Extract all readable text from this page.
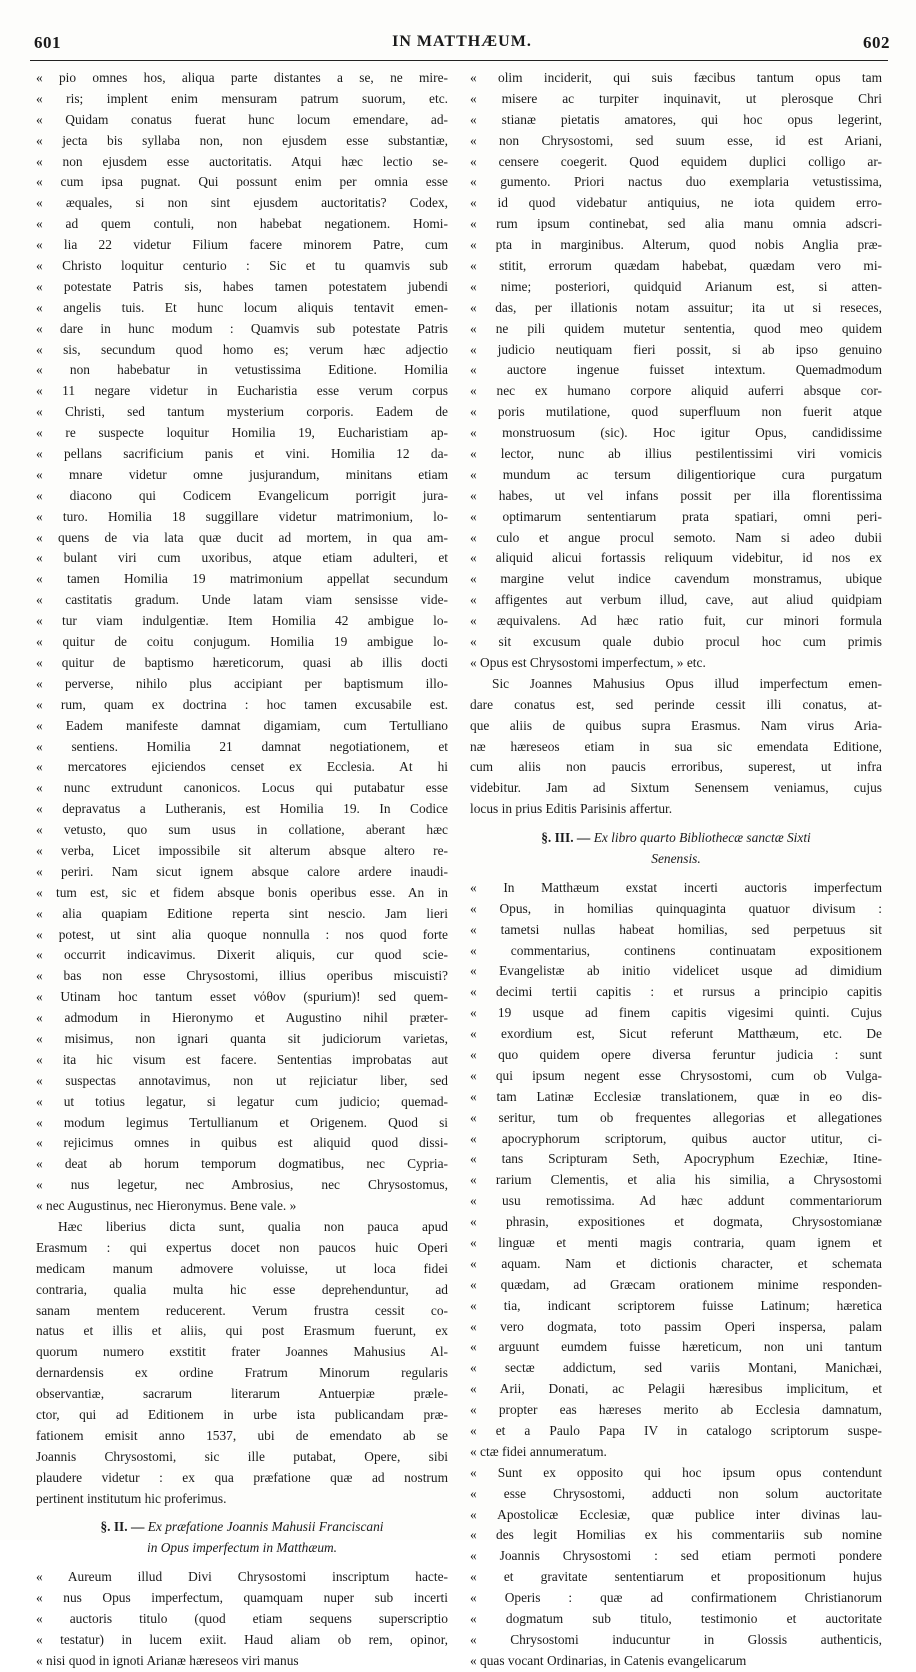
601	IN MATTHÆUM.	602
« pio omnes hos, aliqua parte distantes a se, ne mire-
« ris; implent enim mensuram patrum suorum, etc.
« Quidam conatus fuerat hunc locum emendare, ad-
« jecta bis syllaba non, non ejusdem esse substantiæ,
« non ejusdem esse auctoritatis. Atqui hæc lectio se-
« cum ipsa pugnat. Qui possunt enim per omnia esse
« æquales, si non sint ejusdem auctoritatis? Codex,
« ad quem contuli, non habebat negationem. Homi-
« lia 22 videtur Filium facere minorem Patre, cum
« Christo loquitur centurio : Sic et tu quamvis sub
« potestate Patris sis, habes tamen potestatem jubendi
« angelis tuis. Et hunc locum aliquis tentavit emen-
« dare in hunc modum : Quamvis sub potestate Patris
« sis, secundum quod homo es; verum hæc adjectio
« non habebatur in vetustissima Editione. Homilia
« 11 negare videtur in Eucharistia esse verum corpus
« Christi, sed tantum mysterium corporis. Eadem de
« re suspecte loquitur Homilia 19, Eucharistiam ap-
« pellans sacrificium panis et vini. Homilia 12 da-
« mnare videtur omne jusjurandum, minitans etiam
« diacono qui Codicem Evangelicum porrigit jura-
« turo. Homilia 18 suggillare videtur matrimonium, lo-
« quens de via lata quæ ducit ad mortem, in qua am-
« bulant viri cum uxoribus, atque etiam adulteri, et
« tamen Homilia 19 matrimonium appellat secundum
« castitatis gradum. Unde latam viam sensisse vide-
« tur viam indulgentiæ. Item Homilia 42 ambigue lo-
« quitur de coitu conjugum. Homilia 19 ambigue lo-
« quitur de baptismo hæreticorum, quasi ab illis docti
« perverse, nihilo plus accipiant per baptismum illo-
« rum, quam ex doctrina : hoc tamen excusabile est.
« Eadem manifeste damnat digamiam, cum Tertulliano
« sentiens. Homilia 21 damnat negotiationem, et
« mercatores ejiciendos censet ex Ecclesia. At hi
« nunc extrudunt canonicos. Locus qui putabatur esse
« depravatus a Lutheranis, est Homilia 19. In Codice
« vetusto, quo sum usus in collatione, aberant hæc
« verba, Licet impossibile sit alterum absque altero re-
« periri. Nam sicut ignem absque calore ardere inaudi-
« tum est, sic et fidem absque bonis operibus esse. An in
« alia quapiam Editione reperta sint nescio. Jam lieri
« potest, ut sint alia quoque nonnulla : nos quod forte
« occurrit indicavimus. Dixerit aliquis, cur quod scie-
« bas non esse Chrysostomi, illius operibus miscuisti?
« Utinam hoc tantum esset νόθον (spurium)! sed quem-
« admodum in Hieronymo et Augustino nihil præter-
« misimus, non ignari quanta sit judiciorum varietas,
« ita hic visum est facere. Sententias improbatas aut
« suspectas annotavimus, non ut rejiciatur liber, sed
« ut totius legatur, si legatur cum judicio; quemad-
« modum legimus Tertullianum et Origenem. Quod si
« rejicimus omnes in quibus est aliquid quod dissi-
« deat ab horum temporum dogmatibus, nec Cypria-
« nus legetur, nec Ambrosius, nec Chrysostomus,
« nec Augustinus, nec Hieronymus. Bene vale. »
Hæc liberius dicta sunt, qualia non pauca apud
Erasmum : qui expertus docet non paucos huic Operi
medicam manum admovere voluisse, ut loca fidei
contraria, qualia multa hic esse deprehenduntur, ad
sanam mentem reducerent. Verum frustra cessit co-
natus et illis et aliis, qui post Erasmum fuerunt, ex
quorum numero exstitit frater Joannes Mahusius Al-
dernardensis ex ordine Fratrum Minorum regularis
observantiæ, sacrarum literarum Antuerpiæ præle-
ctor, qui ad Editionem in urbe ista publicandam præ-
fationem emisit anno 1537, ubi de emendato ab se
Joannis Chrysostomi, sic ille putabat, Opere, sibi
plaudere videtur : ex qua præfatione quæ ad nostrum
pertinent institutum hic proferimus.
§. II. — Ex præfatione Joannis Mahusii Franciscani
in Opus imperfectum in Matthæum.
« Aureum illud Divi Chrysostomi inscriptum hacte-
« nus Opus imperfectum, quamquam nuper sub incerti
« auctoris titulo (quod etiam sequens superscriptio
« testatur) in lucem exiit. Haud aliam ob rem, opinor,
« nisi quod in ignoti Arianæ hæreseos viri manus
« olim inciderit, qui suis fæcibus tantum opus tam
« misere ac turpiter inquinavit, ut plerosque Chri
« stianæ pietatis amatores, qui hoc opus legerint,
« non Chrysostomi, sed suum esse, id est Ariani,
« censere coegerit. Quod equidem duplici colligo ar-
« gumento. Priori nactus duo exemplaria vetustissima,
« id quod videbatur antiquius, ne iota quidem erro-
« rum ipsum continebat, sed alia manu omnia adscri-
« pta in marginibus. Alterum, quod nobis Anglia præ-
« stitit, errorum quædam habebat, quædam vero mi-
« nime; posteriori, quidquid Arianum est, si atten-
« das, per illationis notam assuitur; ita ut si reseces,
« ne pili quidem mutetur sententia, quod meo quidem
« judicio neutiquam fieri possit, si ab ipso genuino
« auctore ingenue fuisset intextum. Quemadmodum
« nec ex humano corpore aliquid auferri absque cor-
« poris mutilatione, quod superfluum non fuerit atque
« monstruosum (sic). Hoc igitur Opus, candidissime
« lector, nunc ab illius pestilentissimi viri vomicis
« mundum ac tersum diligentiorique cura purgatum
« habes, ut vel infans possit per illa florentissima
« optimarum sententiarum prata spatiari, omni peri-
« culo et angue procul semoto. Nam si adeo dubii
« aliquid alicui fortassis reliquum videbitur, id nos ex
« margine velut indice cavendum monstramus, ubique
« affigentes aut verbum illud, cave, aut aliud quidpiam
« æquivalens. Ad hæc ratio fuit, cur minori formula
« sit excusum quale dubio procul hoc cum primis
« Opus est Chrysostomi imperfectum, » etc.
Sic Joannes Mahusius Opus illud imperfectum emen-
dare conatus est, sed perinde cessit illi conatus, at-
que aliis de quibus supra Erasmus. Nam virus Aria-
næ hæreseos etiam in sua sic emendata Editione,
cum aliis non paucis erroribus, superest, ut infra
videbitur. Jam ad Sixtum Senensem veniamus, cujus
locus in prius Editis Parisinis affertur.
§. III. — Ex libro quarto Bibliothecæ sanctæ Sixti
Senensis.
« In Matthæum exstat incerti auctoris imperfectum
« Opus, in homilias quinquaginta quatuor divisum :
« tametsi nullas habeat homilias, sed perpetuus sit
« commentarius, continens continuatam expositionem
« Evangelistæ ab initio videlicet usque ad dimidium
« decimi tertii capitis : et rursus a principio capitis
« 19 usque ad finem capitis vigesimi quinti. Cujus
« exordium est, Sicut referunt Matthæum, etc. De
« quo quidem opere diversa feruntur judicia : sunt
« qui ipsum negent esse Chrysostomi, cum ob Vulga-
« tam Latinæ Ecclesiæ translationem, quæ in eo dis-
« seritur, tum ob frequentes allegorias et allegationes
« apocryphorum scriptorum, quibus auctor utitur, ci-
« tans Scripturam Seth, Apocryphum Ezechiæ, Itine-
« rarium Clementis, et alia his similia, a Chrysostomi
« usu remotissima. Ad hæc addunt commentariorum
« phrasin, expositiones et dogmata, Chrysostomianæ
« linguæ et menti magis contraria, quam ignem et
« aquam. Nam et dictionis character, et schemata
« quædam, ad Græcam orationem minime responden-
« tia, indicant scriptorem fuisse Latinum; hæretica
« vero dogmata, toto passim Operi inspersa, palam
« arguunt eumdem fuisse hæreticum, non uni tantum
« sectæ addictum, sed variis Montani, Manichæi,
« Arii, Donati, ac Pelagii hæresibus implicitum, et
« propter eas hæreses merito ab Ecclesia damnatum,
« et a Paulo Papa IV in catalogo scriptorum suspe-
« ctæ fidei annumeratum.
« Sunt ex opposito qui hoc ipsum opus contendunt
« esse Chrysostomi, adducti non solum auctoritate
« Apostolicæ Ecclesiæ, quæ publice inter divinas lau-
« des legit Homilias ex his commentariis sub nomine
« Joannis Chrysostomi : sed etiam permoti pondere
« et gravitate sententiarum et propositionum hujus
« Operis : quæ ad confirmationem Christianorum
« dogmatum sub titulo, testimonio et auctoritate
« Chrysostomi inducuntur in Glossis authenticis,
« quas vocant Ordinarias, in Catenis evangelicarum
